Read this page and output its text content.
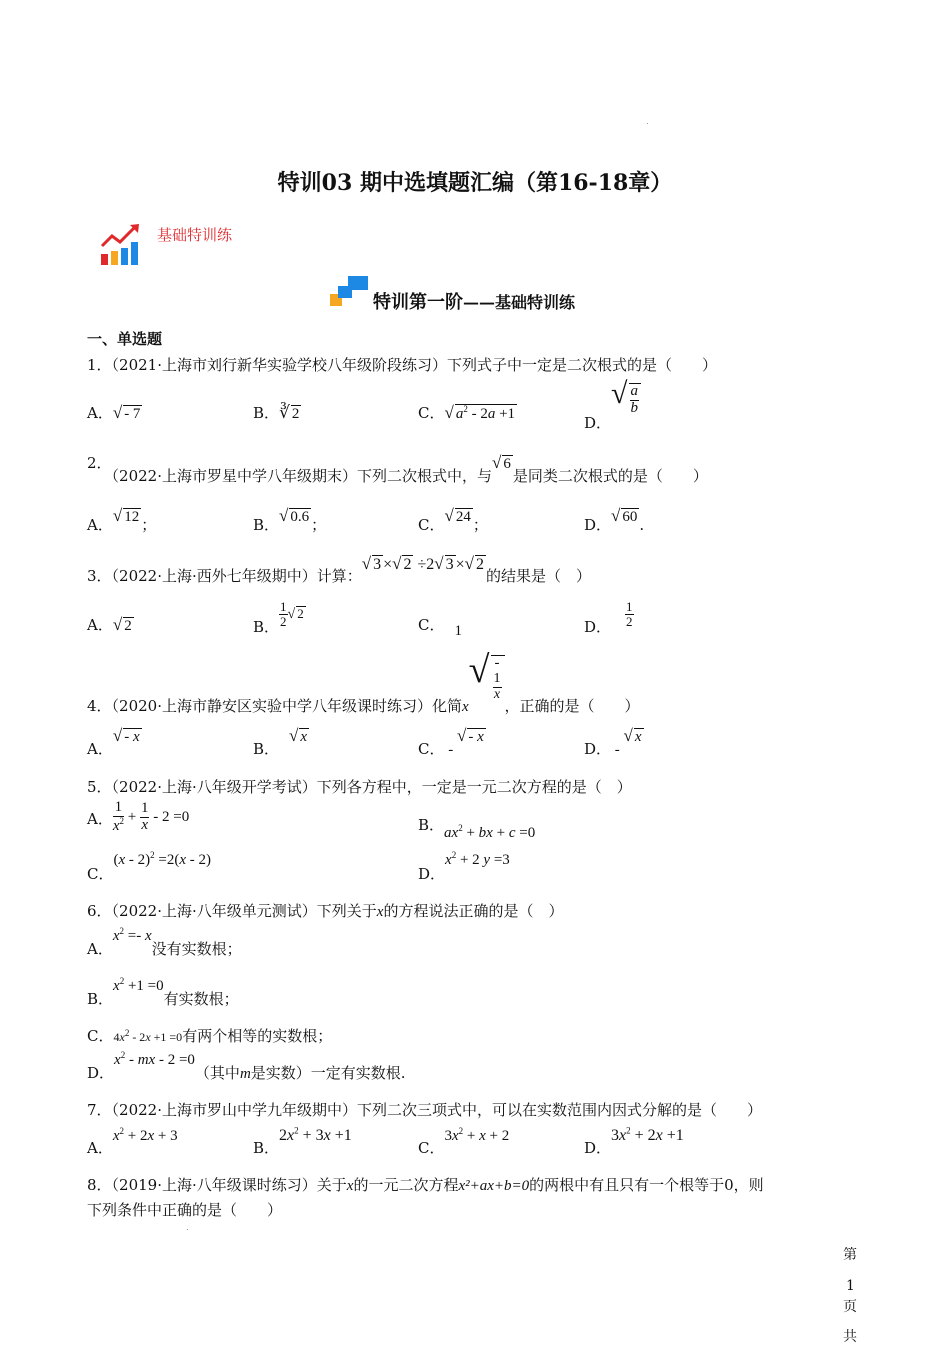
特训03 期中选填题汇编（第16-18章）
基础特训练
特训第一阶——基础特训练
一、单选题
1．（2021·上海市刘行新华实验学校八年级阶段练习）下列式子中一定是二次根式的是（　　）
A．√ - 7	B．∛ 2	C．√ $a^2 - 2a +1$	D．√ $\frac{a}{b}$
2．（2022·上海市罗星中学八年级期末）下列二次根式中，与√ 6是同类二次根式的是（　　）
A．√ 12 ；	B．√ 0.6 ；	C．√ 24 ；	D．√ 60 .
3．（2022·上海·西外七年级期中）计算：√ 3 ×√ 2 ÷2√ 3 ×√ 2的结果是（　）
A．√ 2	B． $\frac{1}{2}$ √ 2
C． 1	D． $\frac{1}{2}$
4．（2020·上海市静安区实验中学八年级课时练习）化简x√ -
1
x
，正确的是（　　）
A．√ - x
B．√ x
C． - √ - x
D． - √ x
5．（2022·上海·八年级开学考试）下列各方程中，一定是一元二次方程的是（　）
A． $\frac{1}{x^2} + \frac{1}{x} - 2 =0$	B．$ax^2$ + bx + c =0
C．(x - 2)$^2$ =2(x - 2)
D．$x^2 + 2$ y =3
6．（2022·上海·八年级单元测试）下列关于x的方程说法正确的是（　）
A．$x^2 =- x$没有实数根；
B．$x^2 +1 =0$有实数根；
C．$4x^2 - 2x +1 =0$有两个相等的实数根；
D．$x^2$ - mx - 2 =0（其中m是实数）一定有实数根.
7．（2022·上海市罗山中学九年级期中）下列二次三项式中，可以在实数范围内因式分解的是（　　）
A．$x^2 + 2x + 3$
B．$2x^2 + 3x +1$
C．$3x^2 + x + 2$
D．$3x^2 + 2x +1$
8．（2019·上海·八年级课时练习）关于x的一元二次方程x²+ax+b=0的两根中有且只有一个根等于0，则
下列条件中正确的是（　　）
第
1
页
共
